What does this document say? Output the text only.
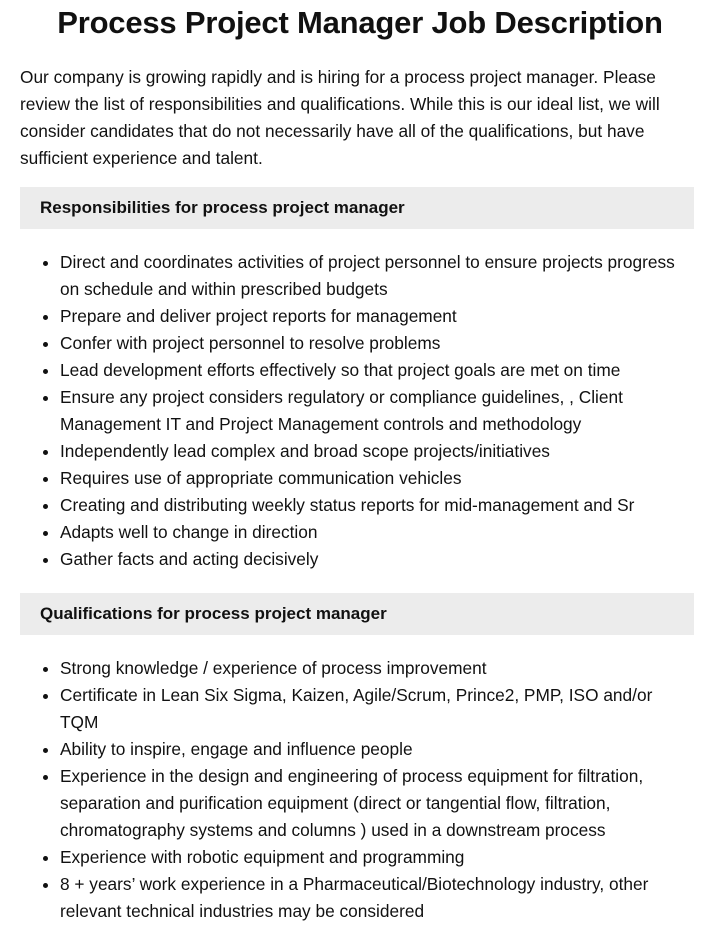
Process Project Manager Job Description

Our company is growing rapidly and is hiring for a process project manager. Please review the list of responsibilities and qualifications. While this is our ideal list, we will consider candidates that do not necessarily have all of the qualifications, but have sufficient experience and talent.

Responsibilities for process project manager
• Direct and coordinates activities of project personnel to ensure projects progress on schedule and within prescribed budgets
• Prepare and deliver project reports for management
• Confer with project personnel to resolve problems
• Lead development efforts effectively so that project goals are met on time
• Ensure any project considers regulatory or compliance guidelines, , Client Management IT and Project Management controls and methodology
• Independently lead complex and broad scope projects/initiatives
• Requires use of appropriate communication vehicles
• Creating and distributing weekly status reports for mid-management and Sr
• Adapts well to change in direction
• Gather facts and acting decisively
Qualifications for process project manager
• Strong knowledge / experience of process improvement
• Certificate in Lean Six Sigma, Kaizen, Agile/Scrum, Prince2, PMP, ISO and/or TQM
• Ability to inspire, engage and influence people
• Experience in the design and engineering of process equipment for filtration, separation and purification equipment (direct or tangential flow, filtration, chromatography systems and columns ) used in a downstream process
• Experience with robotic equipment and programming
• 8 + years’ work experience in a Pharmaceutical/Biotechnology industry, other relevant technical industries may be considered
